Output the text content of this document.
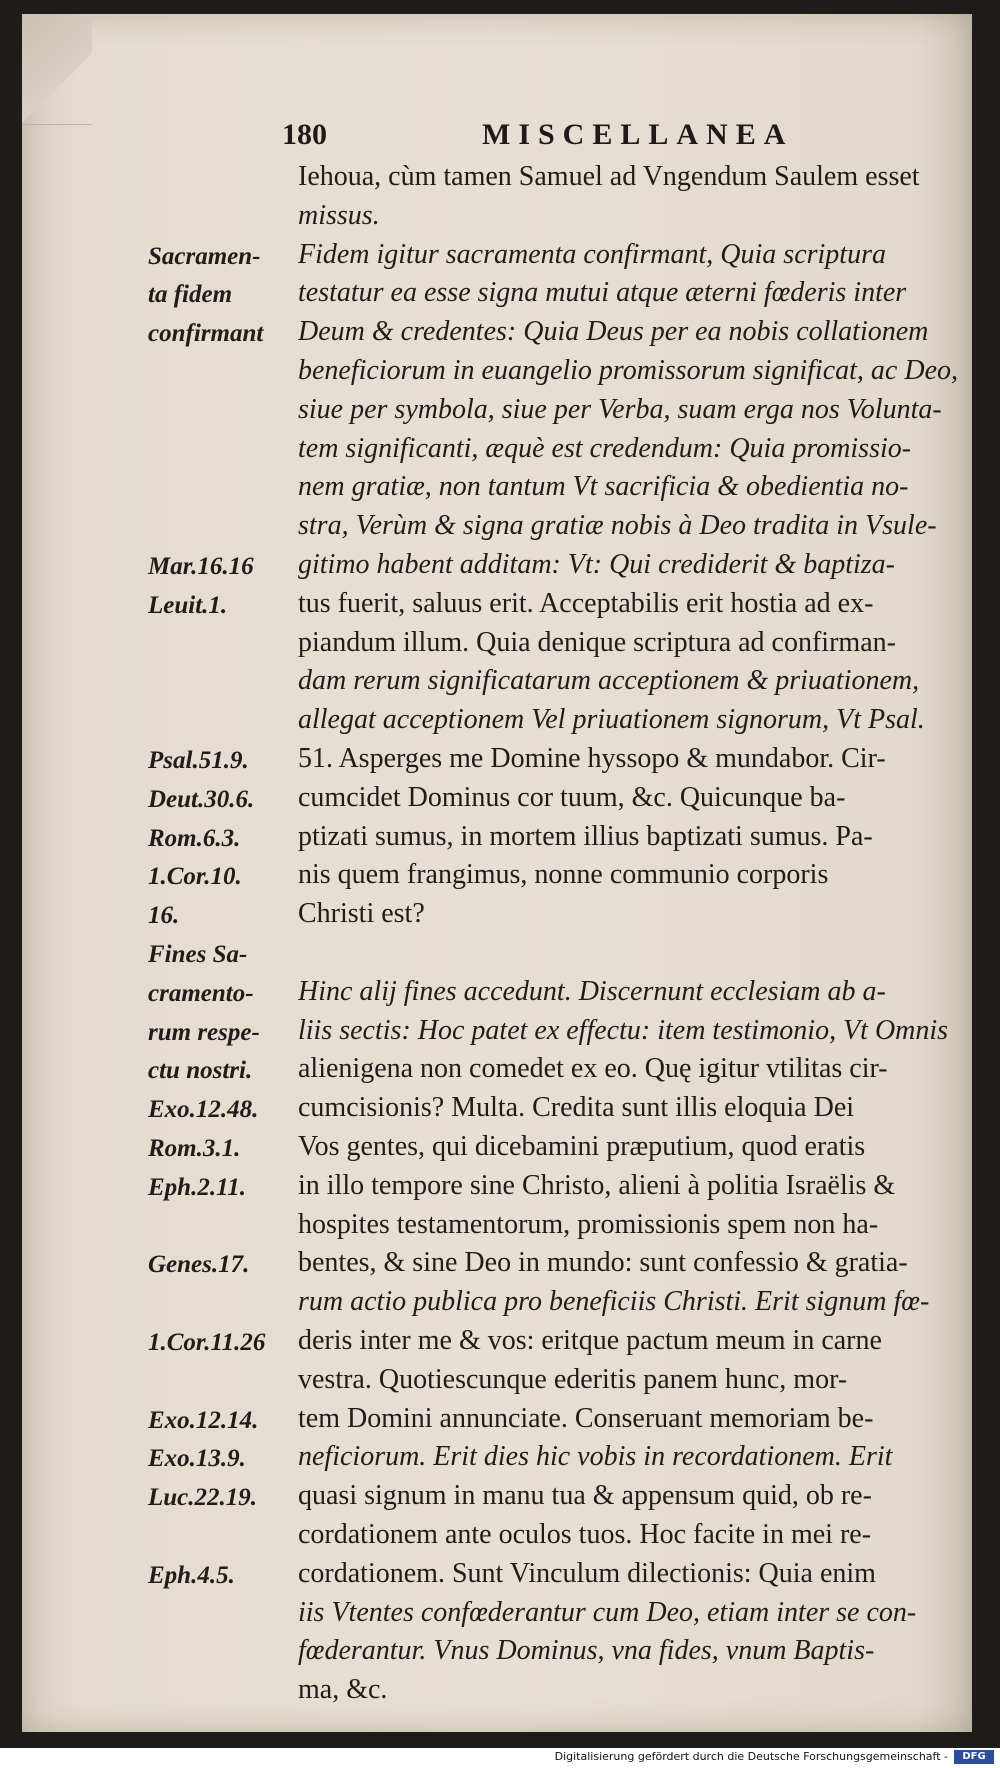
180	MISCELLANEA
Iehoua, cùm tamen Samuel ad Vngendum Saulem esset
missus.
Fidem igitur sacramenta confirmant, Quia scriptura
testatur ea esse signa mutui atque æterni fœderis inter
Deum & credentes: Quia Deus per ea nobis collationem
beneficiorum in euangelio promissorum significat, ac Deo,
siue per symbola, siue per Verba, suam erga nos Volunta-
tem significanti, æquè est credendum: Quia promissio-
nem gratiæ, non tantum Vt sacrificia & obedientia no-
stra, Verùm & signa gratiæ nobis à Deo tradita in Vsule-
gitimo habent additam: Vt: Qui crediderit & baptiza-
tus fuerit, saluus erit. Acceptabilis erit hostia ad ex-
piandum illum. Quia denique scriptura ad confirman-
dam rerum significatarum acceptionem & priuationem,
allegat acceptionem Vel priuationem signorum, Vt Psal.
51. Asperges me Domine hyssopo & mundabor. Cir-
cumcidet Dominus cor tuum, &c. Quicunque ba-
ptizati sumus, in mortem illius baptizati sumus. Pa-
nis quem frangimus, nonne communio corporis
Christi est?
Hinc alij fines accedunt. Discernunt ecclesiam ab a-
liis sectis: Hoc patet ex effectu: item testimonio, Vt Omnis
alienigena non comedet ex eo. Quę igitur vtilitas cir-
cumcisionis? Multa. Credita sunt illis eloquia Dei
Vos gentes, qui dicebamini præputium, quod eratis
in illo tempore sine Christo, alieni à politia Israëlis &
hospites testamentorum, promissionis spem non ha-
bentes, & sine Deo in mundo: sunt confessio & gratia-
rum actio publica pro beneficiis Christi. Erit signum fœ-
deris inter me & vos: eritque pactum meum in carne
vestra. Quotiescunque ederitis panem hunc, mor-
tem Domini annunciate. Conseruant memoriam be-
neficiorum. Erit dies hic vobis in recordationem. Erit
quasi signum in manu tua & appensum quid, ob re-
cordationem ante oculos tuos. Hoc facite in mei re-
cordationem. Sunt Vinculum dilectionis: Quia enim
iis Vtentes confœderantur cum Deo, etiam inter se con-
fœderantur. Vnus Dominus, vna fides, vnum Baptis-
ma, &c.
Sacramen-
ta fidem
confirmant
Mar.16.16
Leuit.1.
Psal.51.9.
Deut.30.6.
Rom.6.3.
1.Cor.10.
16.
Fines Sa-
cramento-
rum respe-
ctu nostri.
Exo.12.48.
Rom.3.1.
Eph.2.11.
Genes.17.
1.Cor.11.26
Exo.12.14.
Exo.13.9.
Luc.22.19.
Eph.4.5.
Digitalisierung gefördert durch die Deutsche Forschungsgemeinschaft -	DFG
